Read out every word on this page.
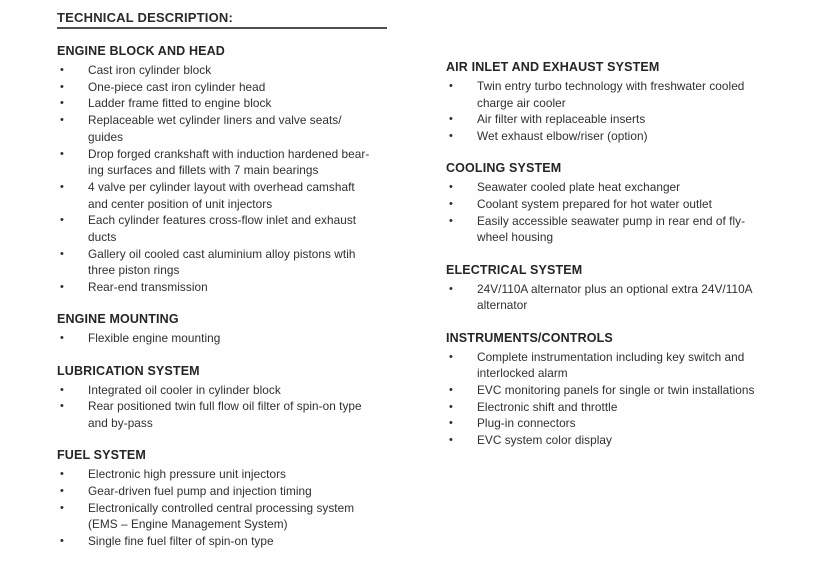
TECHNICAL DESCRIPTION:
ENGINE BLOCK AND HEAD
•	Cast iron cylinder block
•	One-piece cast iron cylinder head
•	Ladder frame fitted to engine block
•	Replaceable wet cylinder liners and valve seats/
guides
•	Drop forged crankshaft with induction hardened bear-
ing surfaces and fillets with 7 main bearings
•	4 valve per cylinder layout with overhead camshaft
and center position of unit injectors
•	Each cylinder features cross-flow inlet and exhaust
ducts
•	Gallery oil cooled cast aluminium alloy pistons wtih
three piston rings
•	Rear-end transmission
ENGINE MOUNTING
•	Flexible engine mounting
LUBRICATION SYSTEM
•	Integrated oil cooler in cylinder block
•	Rear positioned twin full flow oil filter of spin-on type
and by-pass
FUEL SYSTEM
•	Electronic high pressure unit injectors
•	Gear-driven fuel pump and injection timing
•	Electronically controlled central processing system
(EMS – Engine Management System)
•	Single fine fuel filter of spin-on type
AIR INLET AND EXHAUST SYSTEM
•	Twin entry turbo technology with freshwater cooled
charge air cooler
•	Air filter with replaceable inserts
•	Wet exhaust elbow/riser (option)
COOLING SYSTEM
•	Seawater cooled plate heat exchanger
•	Coolant system prepared for hot water outlet
•	Easily accessible seawater pump in rear end of fly-
wheel housing
ELECTRICAL SYSTEM
•	24V/110A alternator plus an optional extra 24V/110A
alternator
INSTRUMENTS/CONTROLS
•	Complete instrumentation including key switch and
interlocked alarm
•	EVC monitoring panels for single or twin installations
•	Electronic shift and throttle
•	Plug-in connectors
•	EVC system color display
